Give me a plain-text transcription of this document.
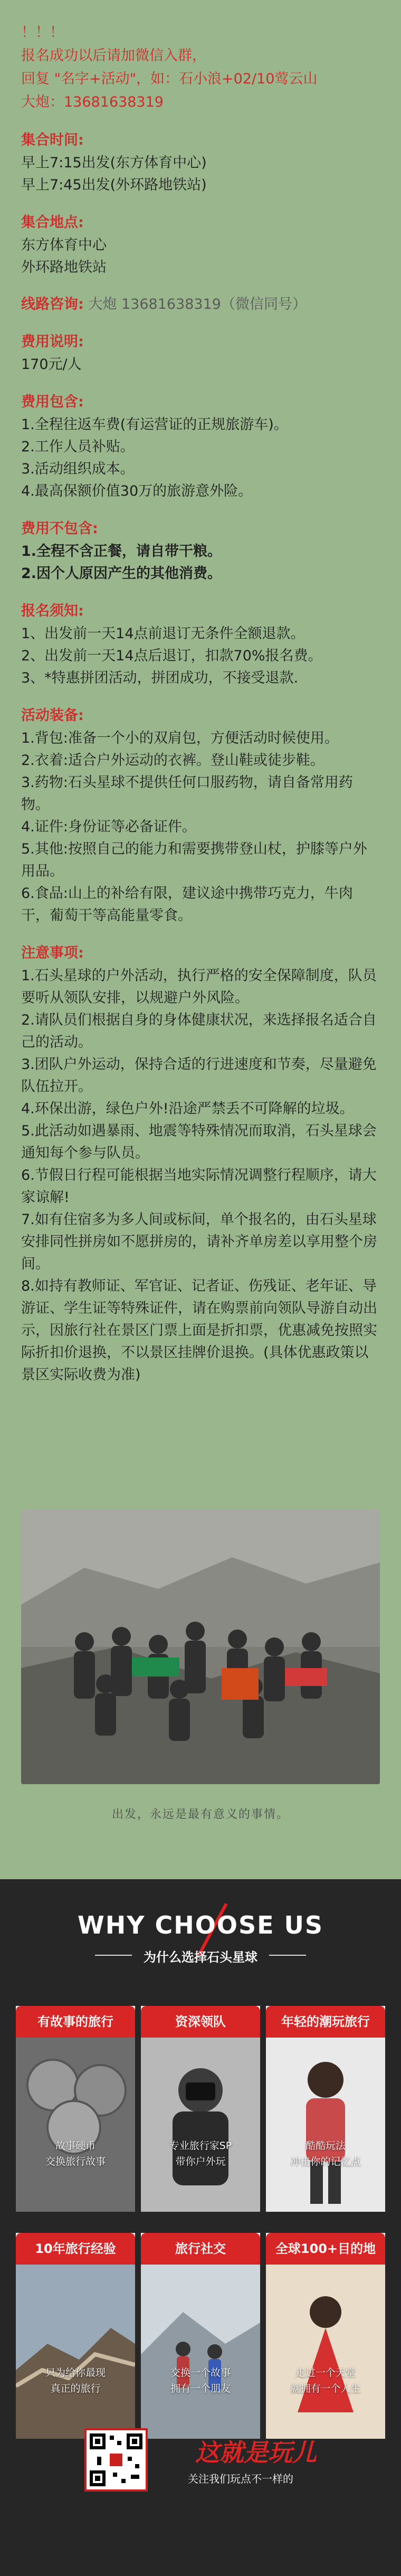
！！！
报名成功以后请加微信入群，
回复 "名字+活动"，如：石小浪+02/10莺云山
大炮：13681638319
集合时间:
早上7:15出发(东方体育中心)
早上7:45出发(外环路地铁站)
集合地点:
东方体育中心
外环路地铁站
线路咨询: 大炮 13681638319（微信同号）
费用说明:
170元/人
费用包含:
1.全程往返车费(有运营证的正规旅游车)。
2.工作人员补贴。
3.活动组织成本。
4.最高保额价值30万的旅游意外险。
费用不包含:
1.全程不含正餐，请自带干粮。
2.因个人原因产生的其他消费。
报名须知:
1、出发前一天14点前退订无条件全额退款。
2、出发前一天14点后退订，扣款70%报名费。
3、*特惠拼团活动，拼团成功，不接受退款.
活动装备:
1.背包:准备一个小的双肩包，方便活动时候使用。
2.衣着:适合户外运动的衣裤。登山鞋或徒步鞋。
3.药物:石头星球不提供任何口服药物，请自备常用药物。
4.证件:身份证等必备证件。
5.其他:按照自己的能力和需要携带登山杖，护膝等户外用品。
6.食品:山上的补给有限，建议途中携带巧克力，牛肉干，葡萄干等高能量零食。
注意事项:
1.石头星球的户外活动，执行严格的安全保障制度，队员要听从领队安排，以规避户外风险。
2.请队员们根据自身的身体健康状况，来选择报名适合自己的活动。
3.团队户外运动，保持合适的行进速度和节奏，尽量避免队伍拉开。
4.环保出游，绿色户外!沿途严禁丢不可降解的垃圾。
5.此活动如遇暴雨、地震等特殊情况而取消，石头星球会通知每个参与队员。
6.节假日行程可能根据当地实际情况调整行程顺序，请大家谅解!
7.如有住宿多为多人间或标间，单个报名的，由石头星球安排同性拼房如不愿拼房的，请补齐单房差以享用整个房间。
8.如持有教师证、军官证、记者证、伤残证、老年证、导游证、学生证等特殊证件，请在购票前向领队导游自动出示，因旅行社在景区门票上面是折扣票，优惠减免按照实际折扣价退换，不以景区挂牌价退换。(具体优惠政策以景区实际收费为准)
出发，永远是最有意义的事情。
WHY CHOOSE US
为什么选择石头星球
有故事的旅行
故事硬币
交换旅行故事
资深领队
专业旅行家SP
带你户外玩
年轻的潮玩旅行
酷酷玩法
冲击你的记忆点
10年旅行经验
只为给你最现
真正的旅行
旅行社交
交换一个故事
拥有一个朋友
全球100+目的地
走过一个天堂
就拥有一个人生
这就是玩儿
关注我们玩点不一样的
